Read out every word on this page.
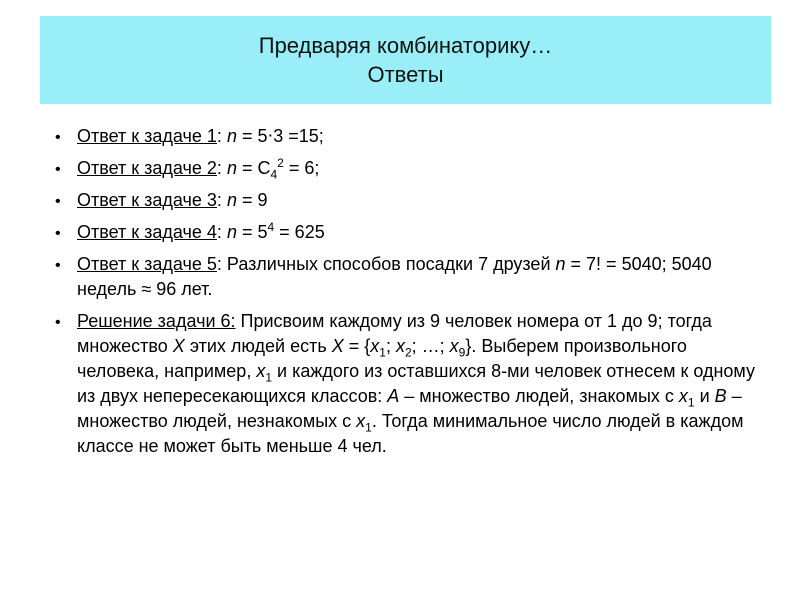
Предваряя комбинаторику…
Ответы
• Ответ к задаче 1: n = 5⋅3 =15;
• Ответ к задаче 2: $n = C_4^2 = 6$;
• Ответ к задаче 3: n = 9
• Ответ к задаче 4: $n = 5^4 = 625$
• Ответ к задаче 5: Различных способов посадки 7 друзей n = 7! = 5040; 5040 недель ≈ 96 лет.
• Решение задачи 6: Присвоим каждому из 9 человек номера от 1 до 9; тогда множество X этих людей есть $X = \{x_1$; $x_2$; …; $x_9$}. Выберем произвольного человека, например, $x_1$ и каждого из оставшихся 8-ми человек отнесем к одному из двух непересекающихся классов: A – множество людей, знакомых с $x_1$ и B – множество людей, незнакомых с $x_1$. Тогда минимальное число людей в каждом классе не может быть меньше 4 чел.
